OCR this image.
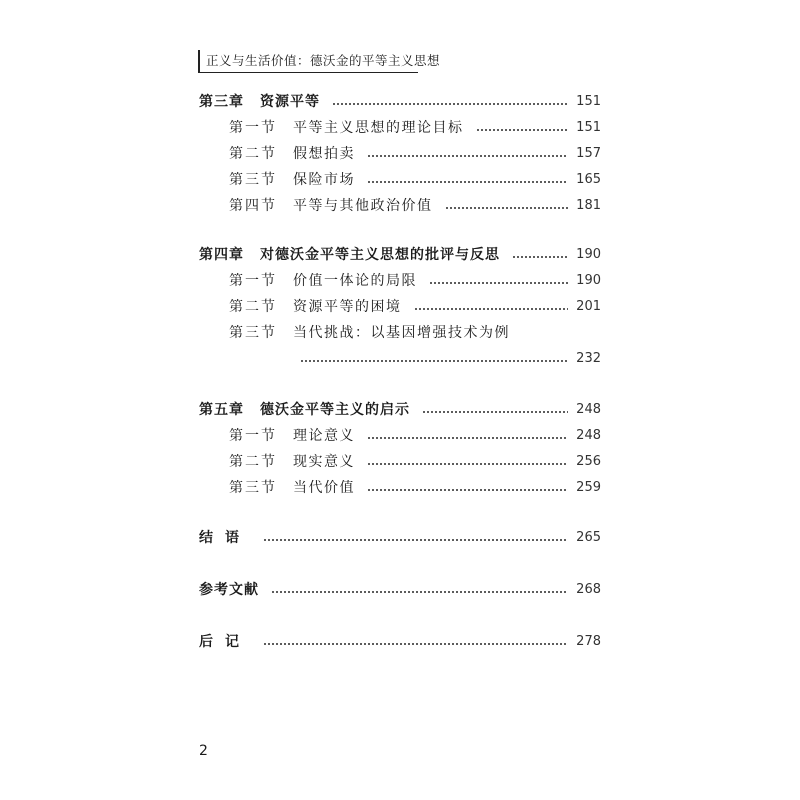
正义与生活价值：德沃金的平等主义思想
第三章 资源平等	151
第一节 平等主义思想的理论目标	151
第二节 假想拍卖	157
第三节 保险市场	165
第四节 平等与其他政治价值	181
第四章 对德沃金平等主义思想的批评与反思	190
第一节 价值一体论的局限	190
第二节 资源平等的困境	201
第三节 当代挑战：以基因增强技术为例
232
第五章 德沃金平等主义的启示	248
第一节 理论意义	248
第二节 现实意义	256
第三节 当代价值	259
结语	265
参考文献	268
后记	278
2
